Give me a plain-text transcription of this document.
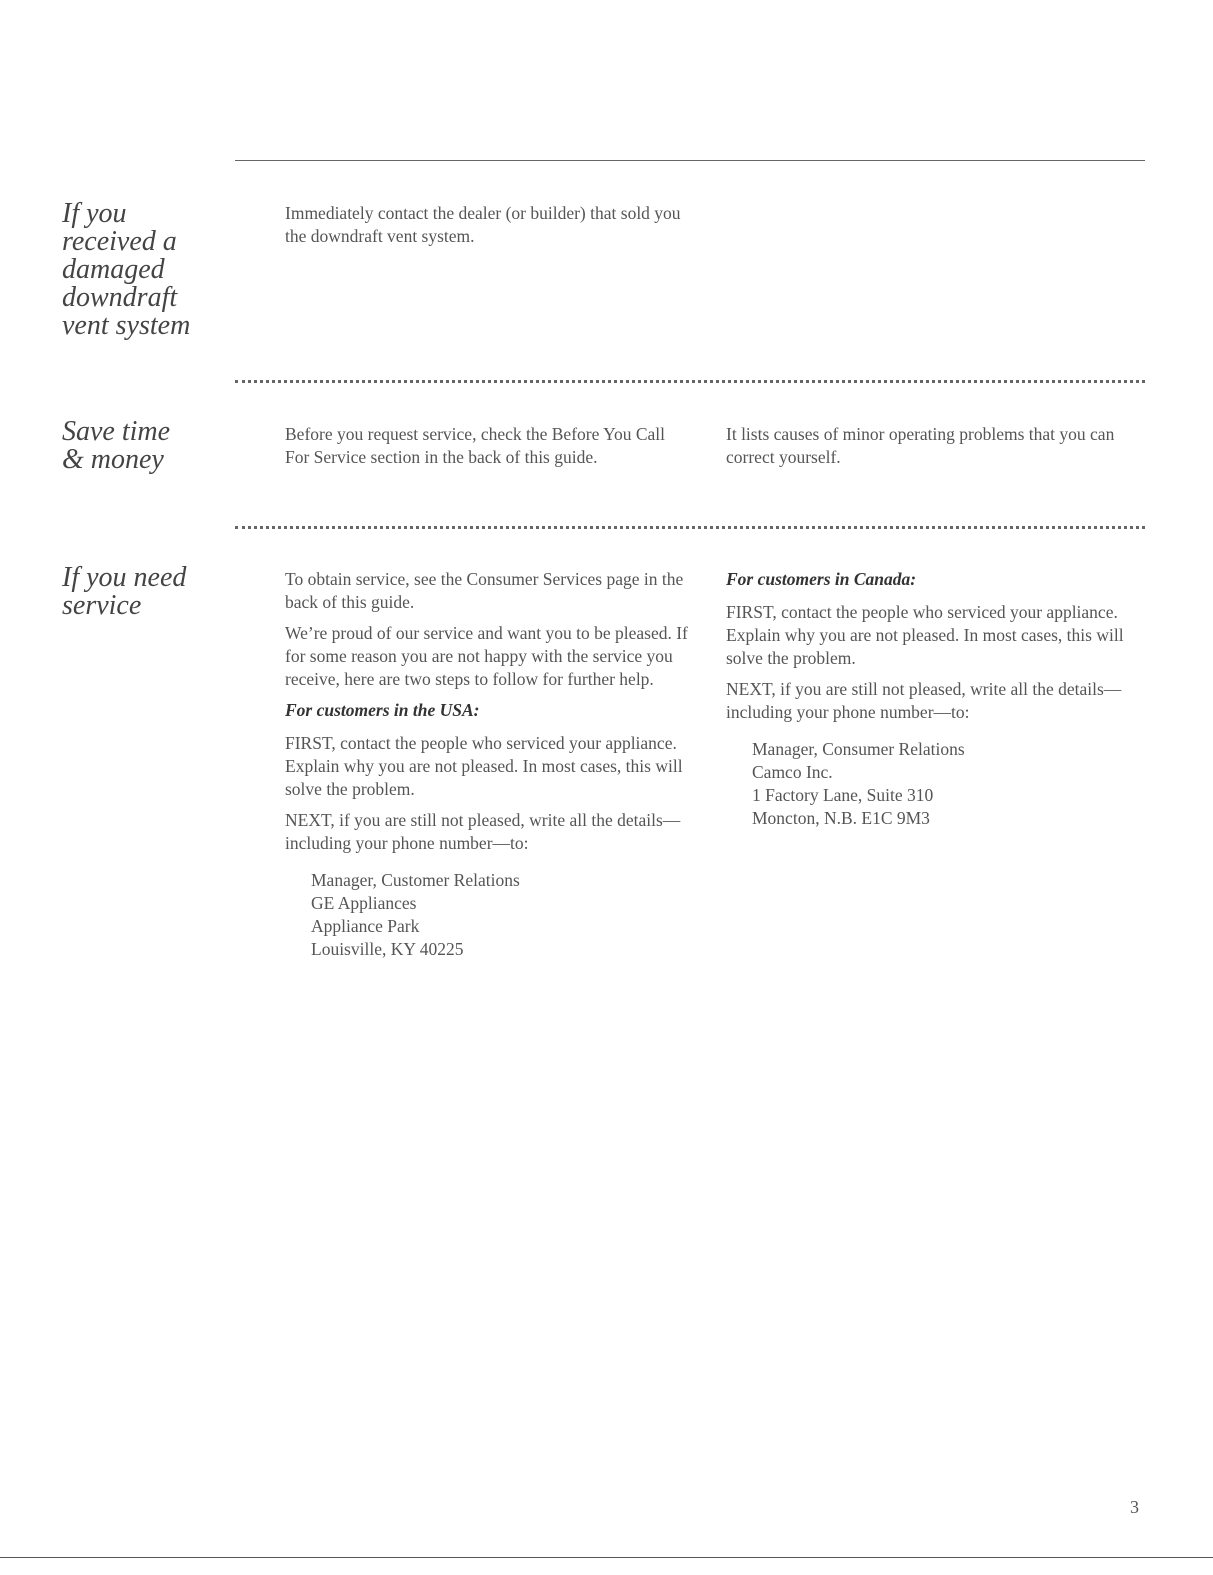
If you
received a
damaged
downdraft
vent system

Immediately contact the dealer (or builder) that sold you the downdraft vent system.

Save time
& money

Before you request service, check the Before You Call For Service section in the back of this guide.

It lists causes of minor operating problems that you can correct yourself.

If you need
service

To obtain service, see the Consumer Services page in the back of this guide.

We’re proud of our service and want you to be pleased. If for some reason you are not happy with the service you receive, here are two steps to follow for further help.

For customers in the USA:

FIRST, contact the people who serviced your appliance. Explain why you are not pleased. In most cases, this will solve the problem.

NEXT, if you are still not pleased, write all the details—including your phone number—to:

Manager, Customer Relations
GE Appliances
Appliance Park
Louisville, KY 40225

For customers in Canada:

FIRST, contact the people who serviced your appliance. Explain why you are not pleased. In most cases, this will solve the problem.

NEXT, if you are still not pleased, write all the details—including your phone number—to:

Manager, Consumer Relations
Camco Inc.
1 Factory Lane, Suite 310
Moncton, N.B. E1C 9M3
3
